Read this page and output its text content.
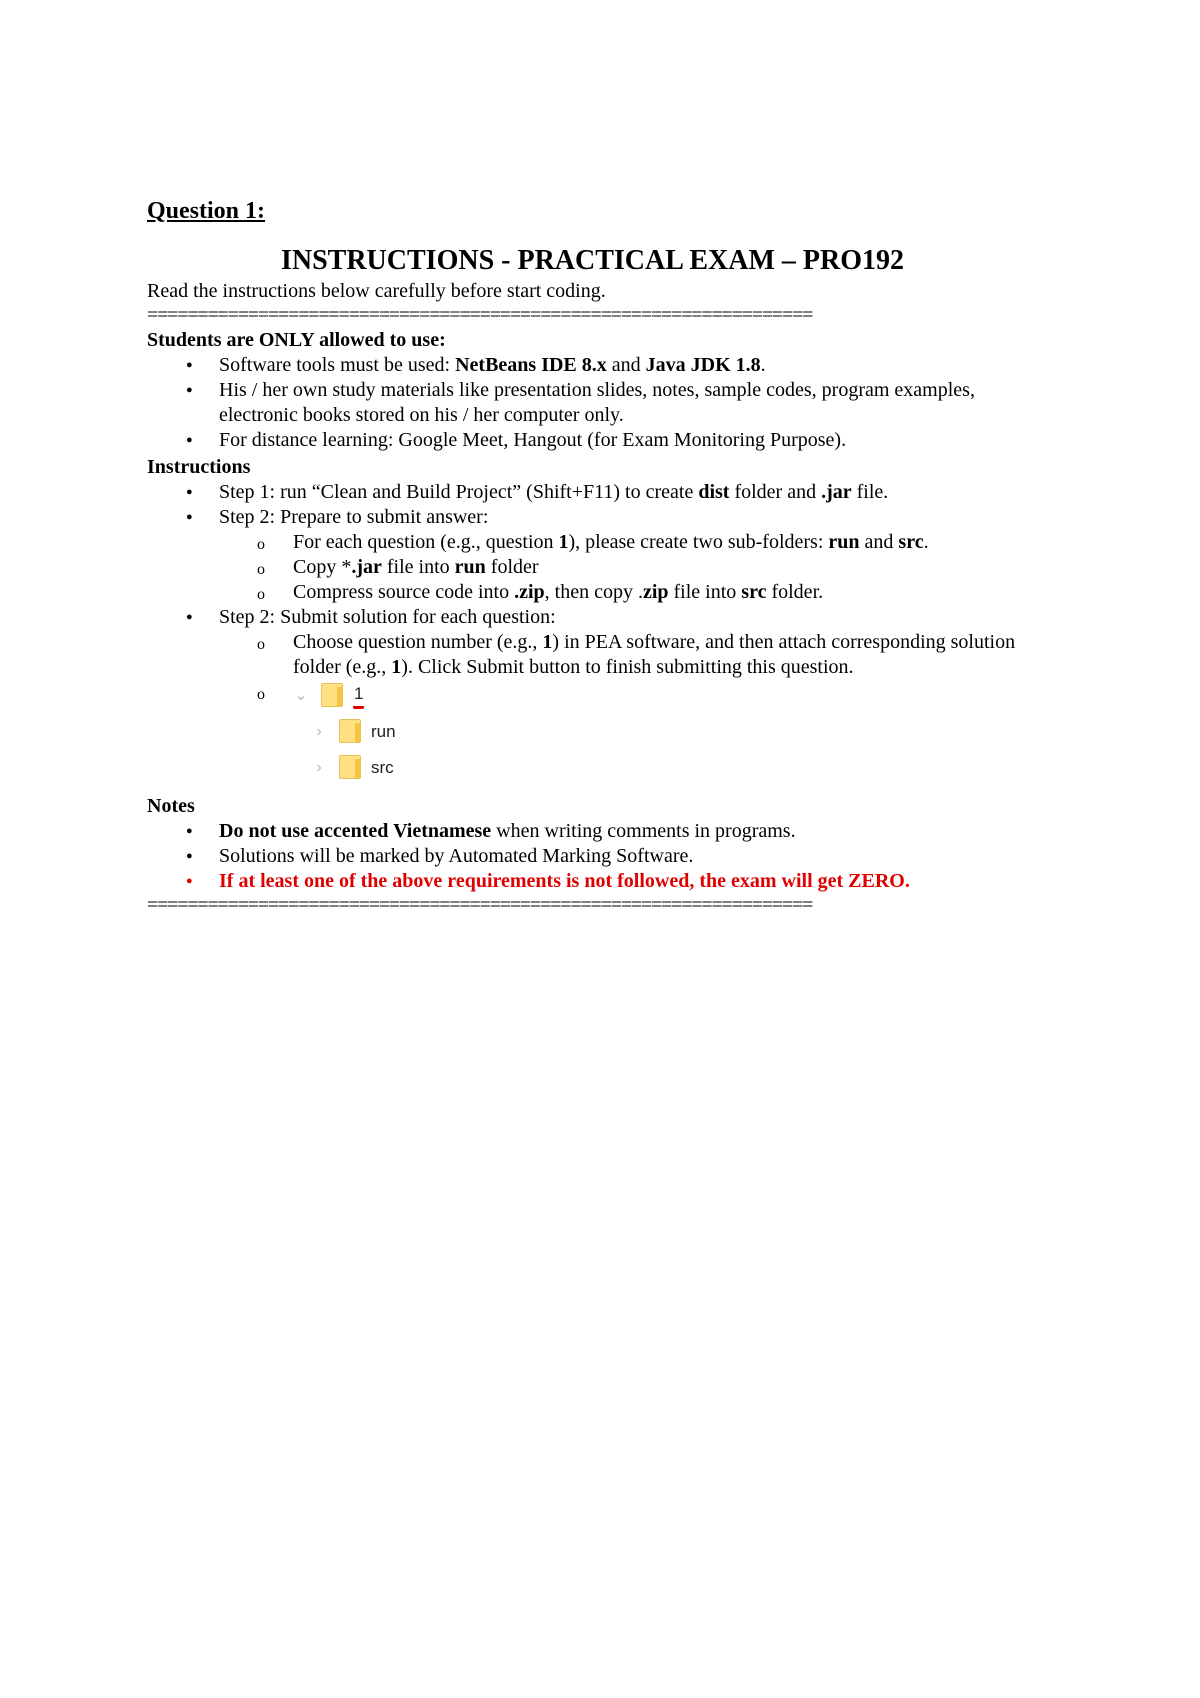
Question 1:
INSTRUCTIONS - PRACTICAL EXAM – PRO192
Read the instructions below carefully before start coding.
==================================================================
Students are ONLY allowed to use:
● Software tools must be used: NetBeans IDE 8.x and Java JDK 1.8.
● His / her own study materials like presentation slides, notes, sample codes, program examples, electronic books stored on his / her computer only.
● For distance learning: Google Meet, Hangout (for Exam Monitoring Purpose).
Instructions
● Step 1: run “Clean and Build Project” (Shift+F11) to create dist folder and .jar file.
● Step 2: Prepare to submit answer:
o For each question (e.g., question 1), please create two sub-folders: run and src.
o Copy *.jar file into run folder
o Compress source code into .zip, then copy .zip file into src folder.
● Step 2: Submit solution for each question:
o Choose question number (e.g., 1) in PEA software, and then attach corresponding solution folder (e.g., 1). Click Submit button to finish submitting this question.
o ⌄	1
›	run
›	src
Notes
● Do not use accented Vietnamese when writing comments in programs.
● Solutions will be marked by Automated Marking Software.
● If at least one of the above requirements is not followed, the exam will get ZERO.
==================================================================
